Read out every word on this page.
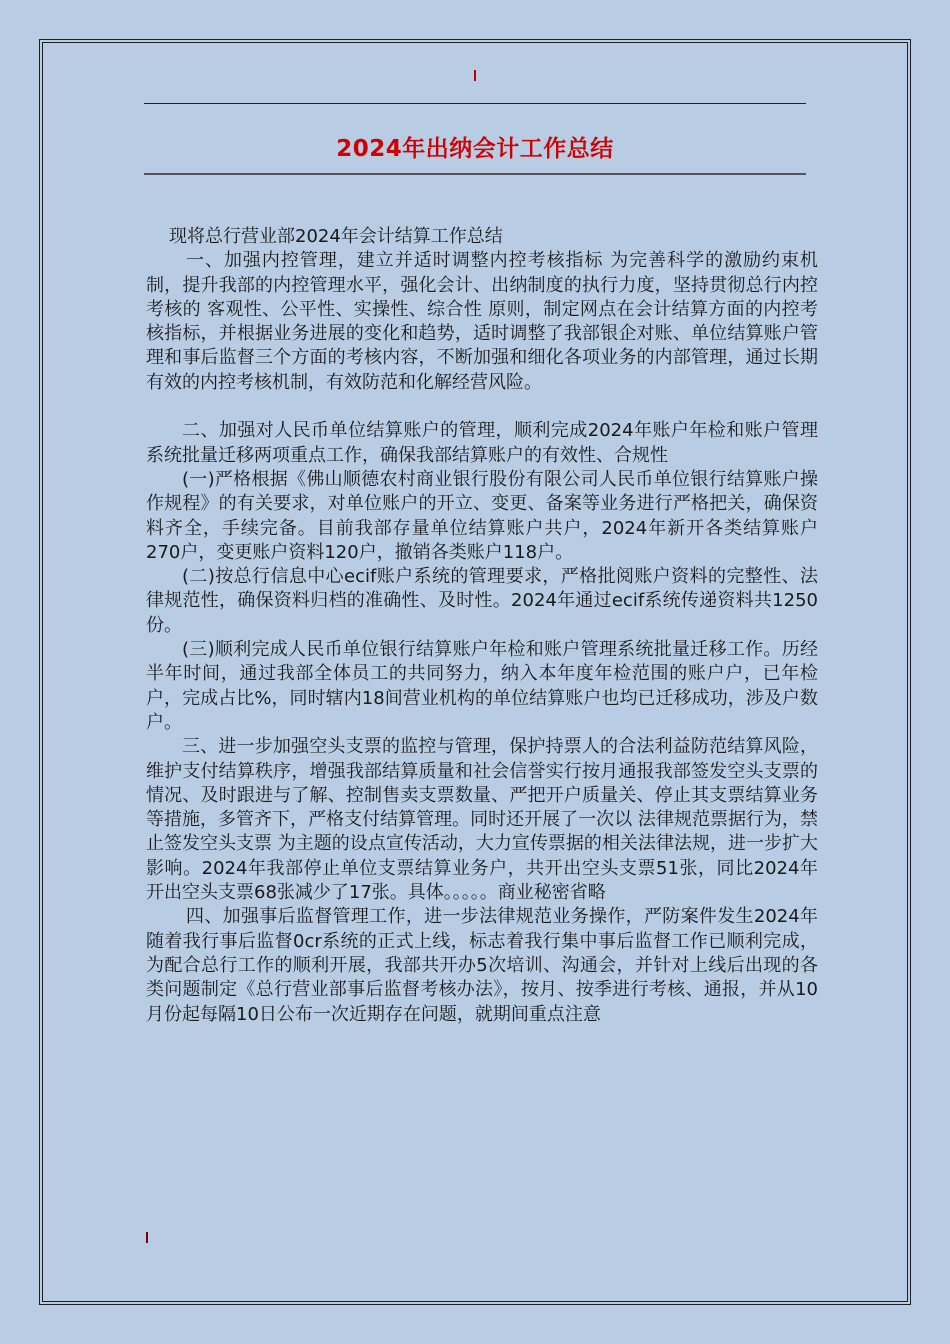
2024年出纳会计工作总结

现将总行营业部2024年会计结算工作总结

一、加强内控管理，建立并适时调整内控考核指标 为完善科学的激励约束机制，提升我部的内控管理水平，强化会计、出纳制度的执行力度，坚持贯彻总行内控考核的 客观性、公平性、实操性、综合性 原则，制定网点在会计结算方面的内控考核指标，并根据业务进展的变化和趋势，适时调整了我部银企对账、单位结算账户管理和事后监督三个方面的考核内容，不断加强和细化各项业务的内部管理，通过长期有效的内控考核机制，有效防范和化解经营风险。

二、加强对人民币单位结算账户的管理，顺利完成2024年账户年检和账户管理系统批量迁移两项重点工作，确保我部结算账户的有效性、合规性

(一)严格根据《佛山顺德农村商业银行股份有限公司人民币单位银行结算账户操作规程》的有关要求，对单位账户的开立、变更、备案等业务进行严格把关，确保资料齐全，手续完备。目前我部存量单位结算账户共户，2024年新开各类结算账户270户，变更账户资料120户，撤销各类账户118户。

(二)按总行信息中心ecif账户系统的管理要求，严格批阅账户资料的完整性、法律规范性，确保资料归档的准确性、及时性。2024年通过ecif系统传递资料共1250份。

(三)顺利完成人民币单位银行结算账户年检和账户管理系统批量迁移工作。历经半年时间，通过我部全体员工的共同努力，纳入本年度年检范围的账户户，已年检户，完成占比%，同时辖内18间营业机构的单位结算账户也均已迁移成功，涉及户数户。

三、进一步加强空头支票的监控与管理，保护持票人的合法利益防范结算风险，维护支付结算秩序，增强我部结算质量和社会信誉实行按月通报我部签发空头支票的情况、及时跟进与了解、控制售卖支票数量、严把开户质量关、停止其支票结算业务等措施，多管齐下，严格支付结算管理。同时还开展了一次以 法律规范票据行为，禁止签发空头支票 为主题的设点宣传活动，大力宣传票据的相关法律法规，进一步扩大影响。2024年我部停止单位支票结算业务户，共开出空头支票51张，同比2024年开出空头支票68张减少了17张。具体。。。。。商业秘密省略

四、加强事后监督管理工作，进一步法律规范业务操作，严防案件发生2024年随着我行事后监督0cr系统的正式上线，标志着我行集中事后监督工作已顺利完成，为配合总行工作的顺利开展，我部共开办5次培训、沟通会，并针对上线后出现的各类问题制定《总行营业部事后监督考核办法》，按月、按季进行考核、通报，并从10月份起每隔10日公布一次近期存在问题，就期间重点注意
